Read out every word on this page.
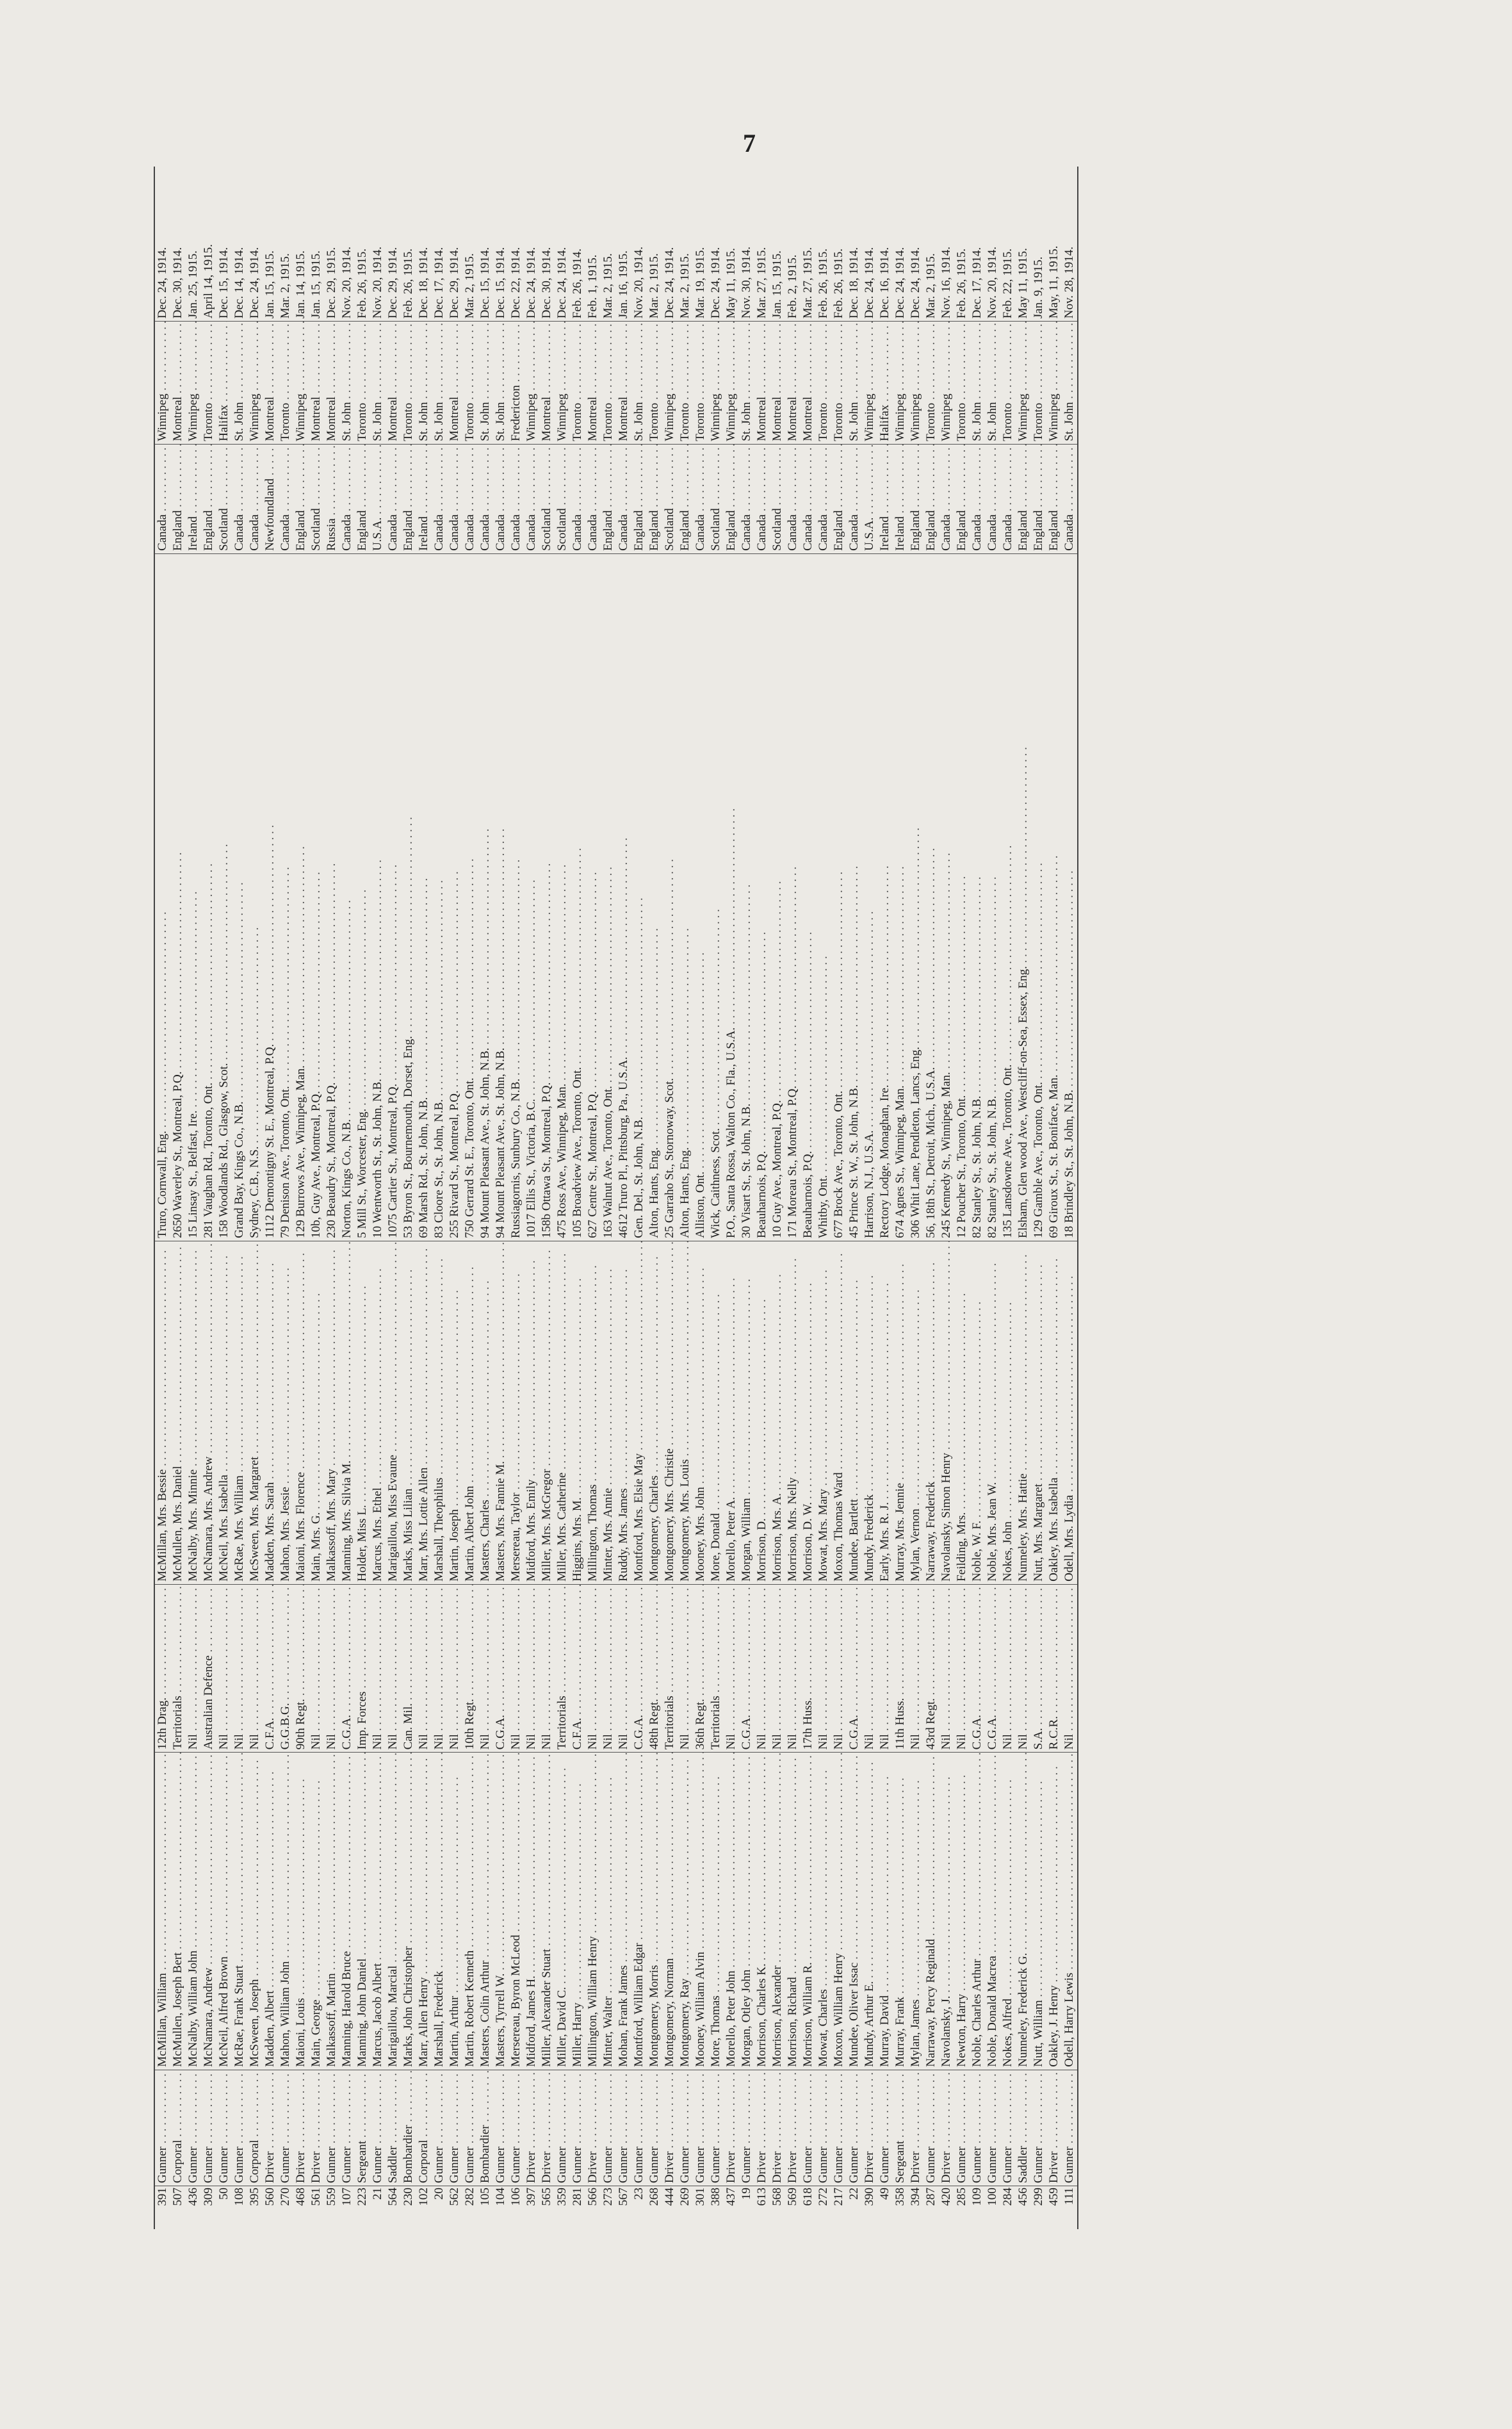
7
391	Gunner . . .	McMillan, William . . .	12th Drag. . . .	McMillan, Mrs. Bessie . . .	Truro, Cornwall, Eng. . . .	Canada . . .	Winnipeg . . .	Dec. 24, 1914.
507	Corporal . . .	McMullen, Joseph Bert . . .	Territorials . . .	McMullen, Mrs. Daniel . . .	2650 Waverley St., Montreal, P.Q. . . .	England . . .	Montreal . . .	Dec. 30, 1914.
436	Gunner . . .	McNalby, William John . . .	Nil . . .	McNalby, Mrs. Minnie . . .	15 Linsay St., Belfast, Ire. . . .	Ireland . . .	Winnipeg . . .	Jan. 25, 1915.
309	Gunner . . .	McNamara, Andrew . . .	Australian Defence . . .	McNamara, Mrs. Andrew . . .	281 Vaughan Rd., Toronto, Ont. . . .	England . . .	Toronto . . .	April 14, 1915.
50	Gunner . . .	McNeil, Alfred Brown . . .	Nil . . .	McNeil, Mrs. Isabella . . .	158 Woodlands Rd., Glasgow, Scot. . . .	Scotland . . .	Halifax . . .	Dec. 15, 1914.
108	Gunner . . .	McRae, Frank Stuart . . .	Nil . . .	McRae, Mrs. William . . .	Grand Bay, Kings Co., N.B. . . .	Canada . . .	St. John . . .	Dec. 14, 1914.
395	Corporal . . .	McSween, Joseph . . .	Nil . . .	McSween, Mrs. Margaret . . .	Sydney, C.B., N.S. . . .	Canada . . .	Winnipeg . . .	Dec. 24, 1914.
560	Driver . . .	Madden, Albert . . .	C.F.A. . . .	Madden, Mrs. Sarah . . .	1112 Demontigny St. E., Montreal, P.Q. . . .	Newfoundland . . .	Montreal . . .	Jan. 15, 1915.
270	Gunner . . .	Mahon, William John . . .	G.G.B.G. . . .	Mahon, Mrs. Jessie . . .	79 Denison Ave., Toronto, Ont. . . .	Canada . . .	Toronto . . .	Mar. 2, 1915.
468	Driver . . .	Maioni, Louis . . .	90th Regt. . . .	Maioni, Mrs. Florence . . .	129 Burrows Ave., Winnipeg, Man. . . .	England . . .	Winnipeg . . .	Jan. 14, 1915.
561	Driver . . .	Main, George . . .	Nil . . .	Main, Mrs. G. . . .	10b, Guy Ave., Montreal, P.Q. . . .	Scotland . . .	Montreal . . .	Jan. 15, 1915.
559	Gunner . . .	Malkassoff, Martin . . .	Nil . . .	Malkassoff, Mrs. Mary . . .	230 Beaudry St., Montreal, P.Q. . . .	Russia . . .	Montreal . . .	Dec. 29, 1915.
107	Gunner . . .	Manning, Harold Bruce . . .	C.G.A. . . .	Manning, Mrs. Silvia M. . . .	Norton, Kings Co., N.B. . . .	Canada . . .	St. John . . .	Nov. 20, 1914.
223	Sergeant . . .	Manning, John Daniel . . .	Imp. Forces . . .	Holder, Miss L. . . .	5 Mill St., Worcester, Eng. . . .	England . . .	Toronto . . .	Feb. 26, 1915.
21	Gunner . . .	Marcus, Jacob Albert . . .	Nil . . .	Marcus, Mrs. Ethel . . .	10 Wentworth St., St. John, N.B. . . .	U.S.A. . . .	St. John . . .	Nov. 20, 1914.
564	Saddler . . .	Marigaillou, Marcial . . .	Nil . . .	Marigaillou, Miss Evaune . . .	1075 Cartier St., Montreal, P.Q. . . .	Canada . . .	Montreal . . .	Dec. 29, 1914.
230	Bombardier . . .	Marks, John Christopher . . .	Can. Mil. . . .	Marks, Miss Lilian . . .	53 Byron St., Bournemouth, Dorset, Eng. . . .	England . . .	Toronto . . .	Feb. 26, 1915.
102	Corporal . . .	Marr, Allen Henry . . .	Nil . . .	Marr, Mrs. Lottie Allen . . .	69 Marsh Rd., St. John, N.B. . . .	Ireland . . .	St. John . . .	Dec. 18, 1914.
20	Gunner . . .	Marshall, Frederick . . .	Nil . . .	Marshall, Theophilus . . .	83 Cloore St., St. John, N.B. . . .	Canada . . .	St. John . . .	Dec. 17, 1914.
562	Gunner . . .	Martin, Arthur . . .	Nil . . .	Martin, Joseph . . .	255 Rivard St., Montreal, P.Q. . . .	Canada . . .	Montreal . . .	Dec. 29, 1914.
282	Gunner . . .	Martin, Robert Kenneth . . .	10th Regt. . . .	Martin, Albert John . . .	750 Gerrard St. E., Toronto, Ont. . . .	Canada . . .	Toronto . . .	Mar. 2, 1915.
105	Bombardier . . .	Masters, Colin Arthur . . .	Nil . . .	Masters, Charles . . .	94 Mount Pleasant Ave., St. John, N.B. . . .	Canada . . .	St. John . . .	Dec. 15, 1914.
104	Gunner . . .	Masters, Tyrrell W. . . .	C.G.A. . . .	Masters, Mrs. Fannie M. . . .	94 Mount Pleasant Ave., St. John, N.B. . . .	Canada . . .	St. John . . .	Dec. 15, 1914.
106	Gunner . . .	Mersereau, Byron McLeod . . .	Nil . . .	Mersereau, Taylor . . .	Russiagornis, Sunbury Co., N.B. . . .	Canada . . .	Fredericton . . .	Dec. 22, 1914.
397	Driver . . .	Midford, James H. . . .	Nil . . .	Midford, Mrs. Emily . . .	1017 Ellis St., Victoria, B.C. . . .	Canada . . .	Winnipeg . . .	Dec. 24, 1914.
565	Driver . . .	Miller, Alexander Stuart . . .	Nil . . .	Miller, Mrs. McGregor . . .	158b Ottawa St., Montreal, P.Q. . . .	Scotland . . .	Montreal . . .	Dec. 30, 1914.
359	Gunner . . .	Miller, David C. . . .	Territorials . . .	Miller, Mrs. Catherine . . .	475 Ross Ave., Winnipeg, Man. . . .	Scotland . . .	Winnipeg . . .	Dec. 24, 1914.
281	Gunner . . .	Miller, Harry . . .	C.F.A. . . .	Higgins, Mrs. M. . . .	105 Broadview Ave., Toronto, Ont. . . .	Canada . . .	Toronto . . .	Feb. 26, 1914.
566	Driver . . .	Millington, William Henry . . .	Nil . . .	Millington, Thomas . . .	627 Centre St., Montreal, P.Q. . . .	Canada . . .	Montreal . . .	Feb. 1, 1915.
273	Gunner . . .	Minter, Walter . . .	Nil . . .	Minter, Mrs. Annie . . .	163 Walnut Ave., Toronto, Ont. . . .	England . . .	Toronto . . .	Mar. 2, 1915.
567	Gunner . . .	Mohan, Frank James . . .	Nil . . .	Ruddy, Mrs. James . . .	4612 Truro Pl., Pittsburg, Pa., U.S.A. . . .	Canada . . .	Montreal . . .	Jan. 16, 1915.
23	Gunner . . .	Montford, William Edgar . . .	C.G.A. . . .	Montford, Mrs. Elsie May . . .	Gen. Del., St. John, N.B. . . .	England . . .	St. John . . .	Nov. 20, 1914.
268	Gunner . . .	Montgomery, Morris . . .	48th Regt. . . .	Montgomery, Charles . . .	Alton, Hants, Eng. . . .	England . . .	Toronto . . .	Mar. 2, 1915.
444	Driver . . .	Montgomery, Norman . . .	Territorials . . .	Montgomery, Mrs. Christie . . .	25 Garraho St., Stornoway, Scot. . . .	Scotland . . .	Winnipeg . . .	Dec. 24, 1914.
269	Gunner . . .	Montgomery, Ray . . .	Nil . . .	Montgomery, Mrs. Louis . . .	Alton, Hants, Eng. . . .	England . . .	Toronto . . .	Mar. 2, 1915.
301	Gunner . . .	Mooney, William Alvin . . .	36th Regt. . . .	Mooney, Mrs. John . . .	Alliston, Ont. . . .	Canada . . .	Toronto . . .	Mar. 19, 1915.
388	Gunner . . .	More, Thomas . . .	Territorials . . .	More, Donald . . .	Wick, Caithness, Scot. . . .	Scotland . . .	Winnipeg . . .	Dec. 24, 1914.
437	Driver . . .	Morello, Peter John . . .	Nil . . .	Morello, Peter A. . . .	P.O., Santa Rossa, Walton Co., Fla., U.S.A. . . .	England . . .	Winnipeg . . .	May 11, 1915.
19	Gunner . . .	Morgan, Otley John . . .	C.G.A. . . .	Morgan, William . . .	30 Visart St., St. John, N.B. . . .	Canada . . .	St. John . . .	Nov. 30, 1914.
613	Driver . . .	Morrison, Charles K. . . .	Nil . . .	Morrison, D. . . .	Beauharnois, P.Q. . . .	Canada . . .	Montreal . . .	Mar. 27, 1915.
568	Driver . . .	Morrison, Alexander . . .	Nil . . .	Morrison, Mrs. A. . . .	10 Guy Ave., Montreal, P.Q. . . .	Scotland . . .	Montreal . . .	Jan. 15, 1915.
569	Driver . . .	Morrison, Richard . . .	Nil . . .	Morrison, Mrs. Nelly . . .	171 Moreau St., Montreal, P.Q. . . .	Canada . . .	Montreal . . .	Feb. 2, 1915.
618	Gunner . . .	Morrison, William R. . . .	17th Huss. . . .	Morrison, D. W. . . .	Beauharnois, P.Q. . . .	Canada . . .	Montreal . . .	Mar. 27, 1915.
272	Gunner . . .	Mowat, Charles . . .	Nil . . .	Mowat, Mrs. Mary . . .	Whitby, Ont. . . .	Canada . . .	Toronto . . .	Feb. 26, 1915.
217	Gunner . . .	Moxon, William Henry . . .	Nil . . .	Moxon, Thomas Ward . . .	677 Brock Ave., Toronto, Ont. . . .	England . . .	Toronto . . .	Feb. 26, 1915.
22	Gunner . . .	Mundee, Oliver Issac . . .	C.G.A. . . .	Mundee, Bartlett . . .	45 Prince St. W., St. John, N.B. . . .	Canada . . .	St. John . . .	Dec. 18, 1914.
390	Driver . . .	Mundy, Arthur E. . . .	Nil . . .	Mundy, Frederick . . .	Harrison, N.J., U.S.A. . . .	U.S.A. . . .	Winnipeg . . .	Dec. 24, 1914.
49	Gunner . . .	Murray, David . . .	Nil . . .	Early, Mrs. R. J. . . .	Rectory Lodge, Monaghan, Ire. . . .	Ireland . . .	Halifax . . .	Dec. 16, 1914.
358	Sergeant . . .	Murray, Frank . . .	11th Huss. . . .	Murray, Mrs. Jennie . . .	674 Agnes St., Winnipeg, Man. . . .	Ireland . . .	Winnipeg . . .	Dec. 24, 1914.
394	Driver . . .	Mylan, James . . .	Nil . . .	Mylan, Vernon . . .	306 Whit Lane, Pendleton, Lancs, Eng. . . .	England . . .	Winnipeg . . .	Dec. 24, 1914.
287	Gunner . . .	Narraway, Percy Reginald . . .	43rd Regt. . . .	Narraway, Frederick . . .	56, 18th St., Detroit, Mich., U.S.A. . . .	England . . .	Toronto . . .	Mar. 2, 1915.
420	Driver . . .	Navolansky, J. . . .	Nil . . .	Navolansky, Simon Henry . . .	245 Kennedy St., Winnipeg, Man. . . .	Canada . . .	Winnipeg . . .	Nov. 16, 1914.
285	Gunner . . .	Newton, Harry . . .	Nil . . .	Feilding, Mrs. . . .	12 Poucher St., Toronto, Ont. . . .	England . . .	Toronto . . .	Feb. 26, 1915.
109	Gunner . . .	Noble, Charles Arthur . . .	C.G.A. . . .	Noble, W. F. . . .	82 Stanley St., St. John, N.B. . . .	Canada . . .	St. John . . .	Dec. 17, 1914.
100	Gunner . . .	Noble, Donald Macrea . . .	C.G.A. . . .	Noble, Mrs. Jean W. . . .	82 Stanley St., St. John, N.B. . . .	Canada . . .	St. John . . .	Nov. 20, 1914.
284	Gunner . . .	Nokes, Alfred . . .	Nil . . .	Nokes, John . . .	135 Lansdowne Ave., Toronto, Ont. . . .	Canada . . .	Toronto . . .	Feb. 22, 1915.
456	Saddler . . .	Nunneley, Frederick G. . . .	Nil . . .	Nunneley, Mrs. Hattie . . .	Elsham, Glen wood Ave., Westcliff-on-Sea, Essex, Eng. . . .	England . . .	Winnipeg . . .	May 11, 1915.
299	Gunner . . .	Nutt, William . . .	S.A. . . .	Nutt, Mrs. Margaret . . .	129 Gamble Ave., Toronto, Ont. . . .	England . . .	Toronto . . .	Jan. 9, 1915.
459	Driver . . .	Oakley, J. Henry . . .	R.C.R. . . .	Oakley, Mrs. Isabella . . .	69 Giroux St., St. Boniface, Man. . . .	England . . .	Winnipeg . . .	May, 11, 1915.
111	Gunner . . .	Odell, Harry Lewis . . .	Nil . . .	Odell, Mrs. Lydia . . .	18 Brindley St., St. John, N.B. . . .	Canada . . .	St. John . . .	Nov. 28, 1914.
